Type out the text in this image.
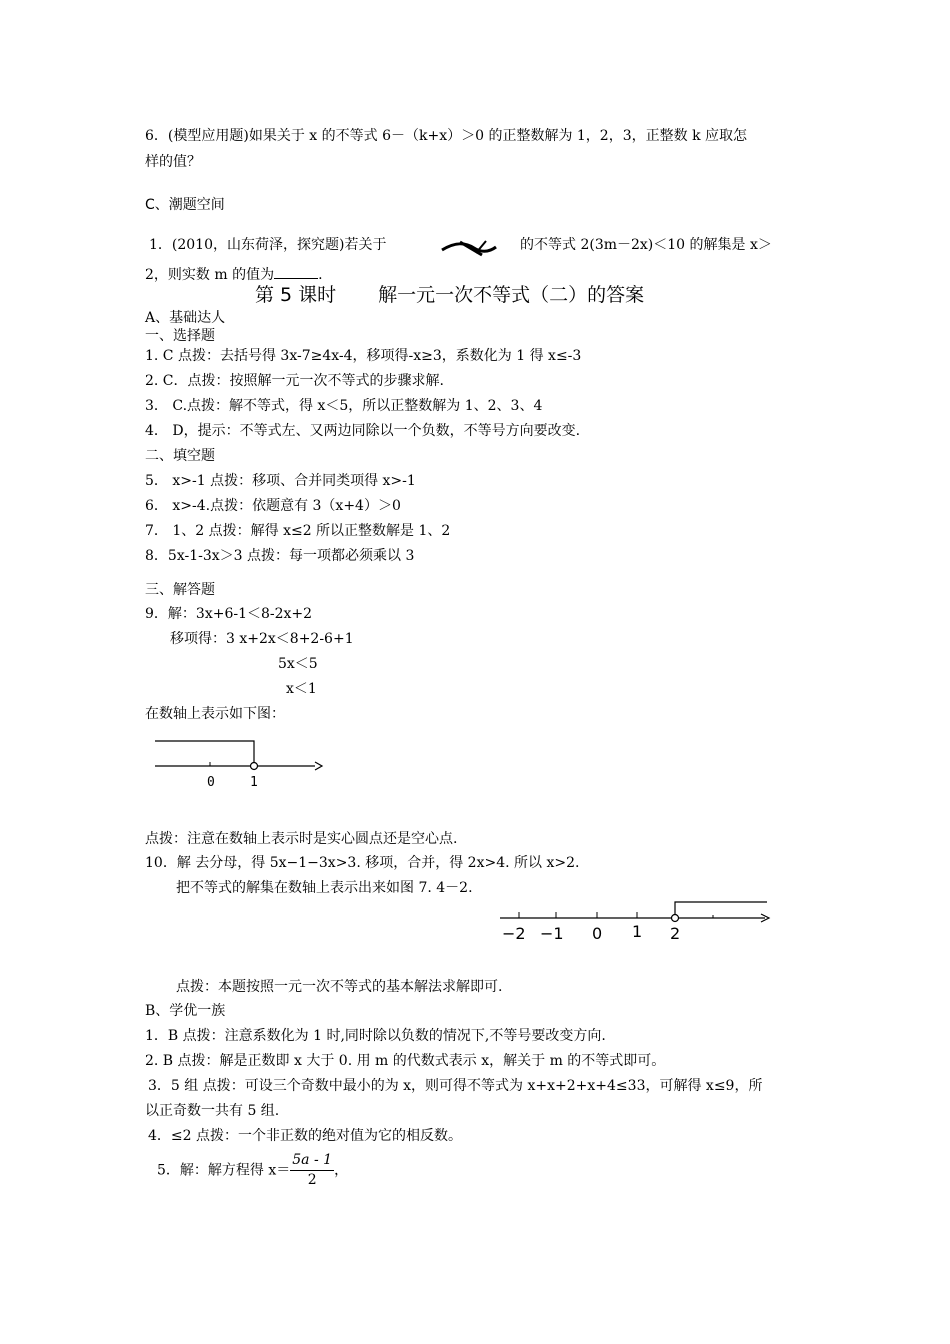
6．(模型应用题)如果关于 x 的不等式 6－（k+x）＞0 的正整数解为 1，2，3，正整数 k 应取怎
样的值？
C、潮题空间
1．(2010，山东荷泽，探究题)若关于	的不等式 2(3m－2x)＜10 的解集是 x＞
2，则实数 m 的值为	.
第 5 课时 解一元一次不等式（二）的答案
A、基础达人
一、选择题
1. C 点拨：去括号得 3x-7≥4x-4，移项得-x≥3，系数化为 1 得 x≤-3
2. C．点拨：按照解一元一次不等式的步骤求解.
3． C.点拨：解不等式，得 x＜5，所以正整数解为 1、2、3、4
4． D，提示：不等式左、又两边同除以一个负数，不等号方向要改变.
二、填空题
5． x>-1 点拨：移项、合并同类项得 x>-1
6． x>-4.点拨：依题意有 3（x+4）＞0
7． 1、2 点拨：解得 x≤2 所以正整数解是 1、2
8．5x-1-3x＞3 点拨：每一项都必须乘以 3
三、解答题
9．解：3x+6-1＜8-2x+2
移项得：3 x+2x＜8+2-6+1
5x＜5
x＜1
在数轴上表示如下图：
0	1
点拨：注意在数轴上表示时是实心圆点还是空心点.
10．解 去分母，得 5x−1−3x>3. 移项，合并，得 2x>4. 所以 x>2.
把不等式的解集在数轴上表示出来如图 7. 4－2.
−2 −1 0 1 2
点拨：本题按照一元一次不等式的基本解法求解即可.
B、学优一族
1．B 点拨：注意系数化为 1 时,同时除以负数的情况下,不等号要改变方向.
2. B 点拨：解是正数即 x 大于 0. 用 m 的代数式表示 x，解关于 m 的不等式即可。
3．5 组 点拨：可设三个奇数中最小的为 x，则可得不等式为 x+x+2+x+4≤33，可解得 x≤9，所
以正奇数一共有 5 组.
4．≤2 点拨：一个非正数的绝对值为它的相反数。
5．解：解方程得 $x= \frac{5a - 1}{2}$ ，
